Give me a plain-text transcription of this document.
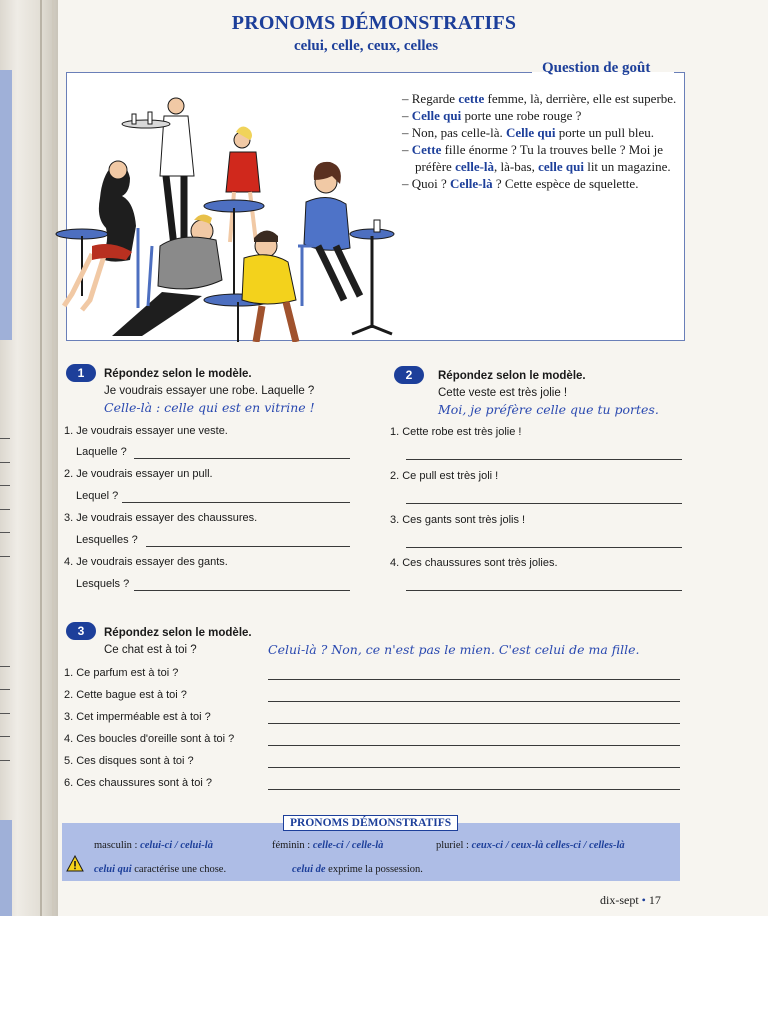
PRONOMS DÉMONSTRATIFS
celui, celle, ceux, celles
Question de goût

– Regarde cette femme, là, derrière, elle est superbe.

– Celle qui porte une robe rouge ?

– Non, pas celle-là. Celle qui porte un pull bleu.

– Cette fille énorme ? Tu la trouves belle ? Moi je préfère celle-là, là-bas, celle qui lit un magazine.

– Quoi ? Celle-là ? Cette espèce de squelette.

1	Répondez selon le modèle.
Je voudrais essayer une robe. Laquelle ?
Celle-là : celle qui est en vitrine !
1. Je voudrais essayer une veste.
Laquelle ?
2. Je voudrais essayer un pull.
Lequel ?
3. Je voudrais essayer des chaussures.
Lesquelles ?
4. Je voudrais essayer des gants.
Lesquels ?
2	Répondez selon le modèle.
Cette veste est très jolie !
Moi, je préfère celle que tu portes.
1. Cette robe est très jolie !
2. Ce pull est très joli !
3. Ces gants sont très jolis !
4. Ces chaussures sont très jolies.
3	Répondez selon le modèle.
Ce chat est à toi ?	Celui-là ? Non, ce n'est pas le mien. C'est celui de ma fille.
1. Ce parfum est à toi ?
2. Cette bague est à toi ?
3. Cet imperméable est à toi ?
4. Ces boucles d'oreille sont à toi ?
5. Ces disques sont à toi ?
6. Ces chaussures sont à toi ?
PRONOMS DÉMONSTRATIFS
masculin : celui-ci / celui-là	féminin : celle-ci / celle-là	pluriel : ceux-ci / ceux-là celles-ci / celles-là
celui qui caractérise une chose.	celui de exprime la possession.
dix-sept • 17
